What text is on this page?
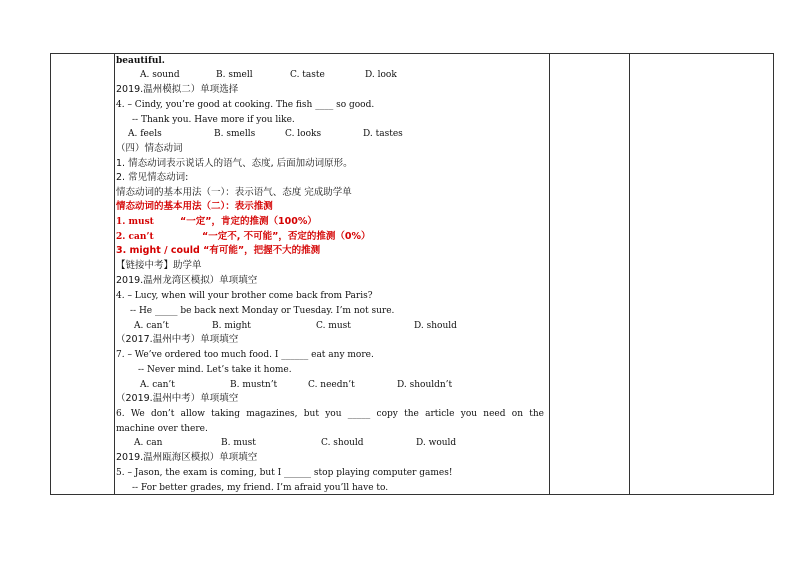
beautiful.

A. sound

	B. smell

	C. taste

	D. look

2019.温州模拟二）单项选择
4. – Cindy, you’re good at cooking. The fish ____ so good.
-- Thank you. Have more if you like.

A. feels

	B. smells

	C. looks

	D. tastes

（四）情态动词
1. 情态动词表示说话人的语气、态度, 后面加动词原形。
2. 常见情态动词:
情态动词的基本用法（一）：表示语气、态度 完成助学单
情态动词的基本用法（二）：表示推测
1. must	“一定”，肯定的推测（100%）
2. can’t	“一定不, 不可能”，否定的推测（0%）
3. might / could “有可能”，把握不大的推测
【链接中考】助学单
2019.温州龙湾区模拟）单项填空
4. – Lucy, when will your brother come back from Paris?
-- He _____ be back next Monday or Tuesday. I’m not sure.

A. can’t

	B. might

	C. must

	D. should

（2017.温州中考）单项填空
7. – We’ve ordered too much food. I ______ eat any more.
-- Never mind. Let’s take it home.

A. can’t

	B. mustn’t

	C. needn’t

	D. shouldn’t

（2019.温州中考）单项填空
6. We don’t allow taking magazines, but you _____ copy the article you need on the
machine over there.

A. can

	B. must

	C. should

	D. would

2019.温州瓯海区模拟）单项填空
5. – Jason, the exam is coming, but I ______ stop playing computer games!
-- For better grades, my friend. I’m afraid you’ll have to.
